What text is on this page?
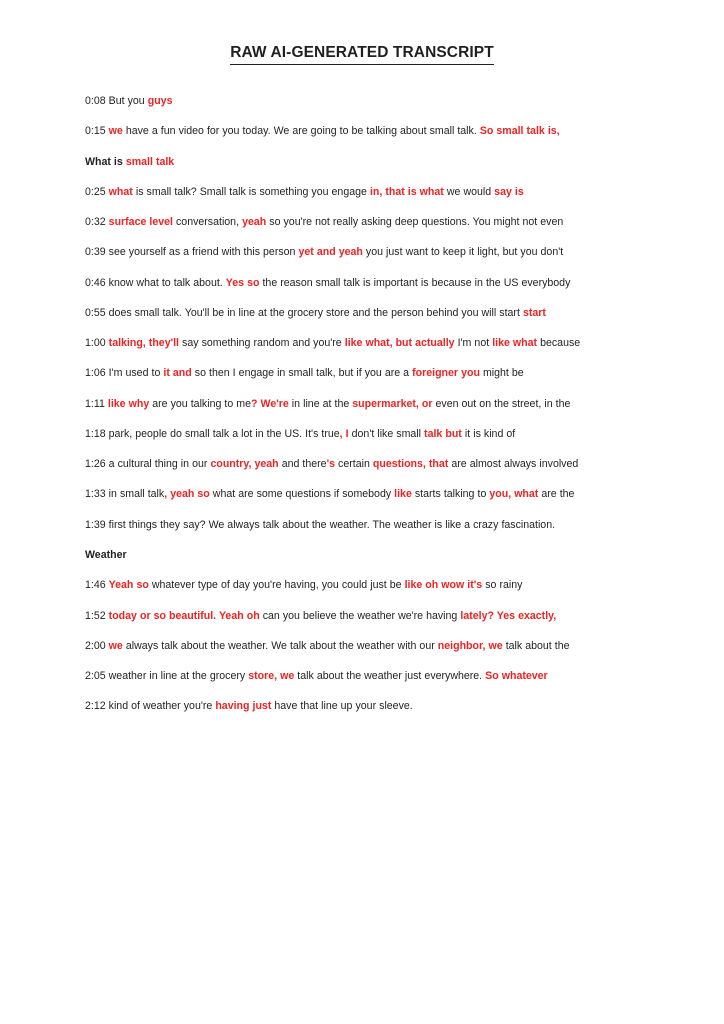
RAW AI-GENERATED TRANSCRIPT

0:08 But you guys

0:15 we have a fun video for you today. We are going to be talking about small talk. So small talk is,

What is small talk

0:25 what is small talk? Small talk is something you engage in, that is what we would say is

0:32 surface level conversation, yeah so you're not really asking deep questions. You might not even

0:39 see yourself as a friend with this person yet and yeah you just want to keep it light, but you don't

0:46 know what to talk about. Yes so the reason small talk is important is because in the US everybody

0:55 does small talk. You'll be in line at the grocery store and the person behind you will start start

1:00 talking, they'll say something random and you're like what, but actually I'm not like what because

1:06 I'm used to it and so then I engage in small talk, but if you are a foreigner you might be

1:11 like why are you talking to me? We're in line at the supermarket, or even out on the street, in the

1:18 park, people do small talk a lot in the US. It's true, I don't like small talk but it is kind of

1:26 a cultural thing in our country, yeah and there's certain questions, that are almost always involved

1:33 in small talk, yeah so what are some questions if somebody like starts talking to you, what are the

1:39 first things they say? We always talk about the weather. The weather is like a crazy fascination.

Weather

1:46 Yeah so whatever type of day you're having, you could just be like oh wow it's so rainy

1:52 today or so beautiful. Yeah oh can you believe the weather we're having lately? Yes exactly,

2:00 we always talk about the weather. We talk about the weather with our neighbor, we talk about the

2:05 weather in line at the grocery store, we talk about the weather just everywhere. So whatever

2:12 kind of weather you're having just have that line up your sleeve.
